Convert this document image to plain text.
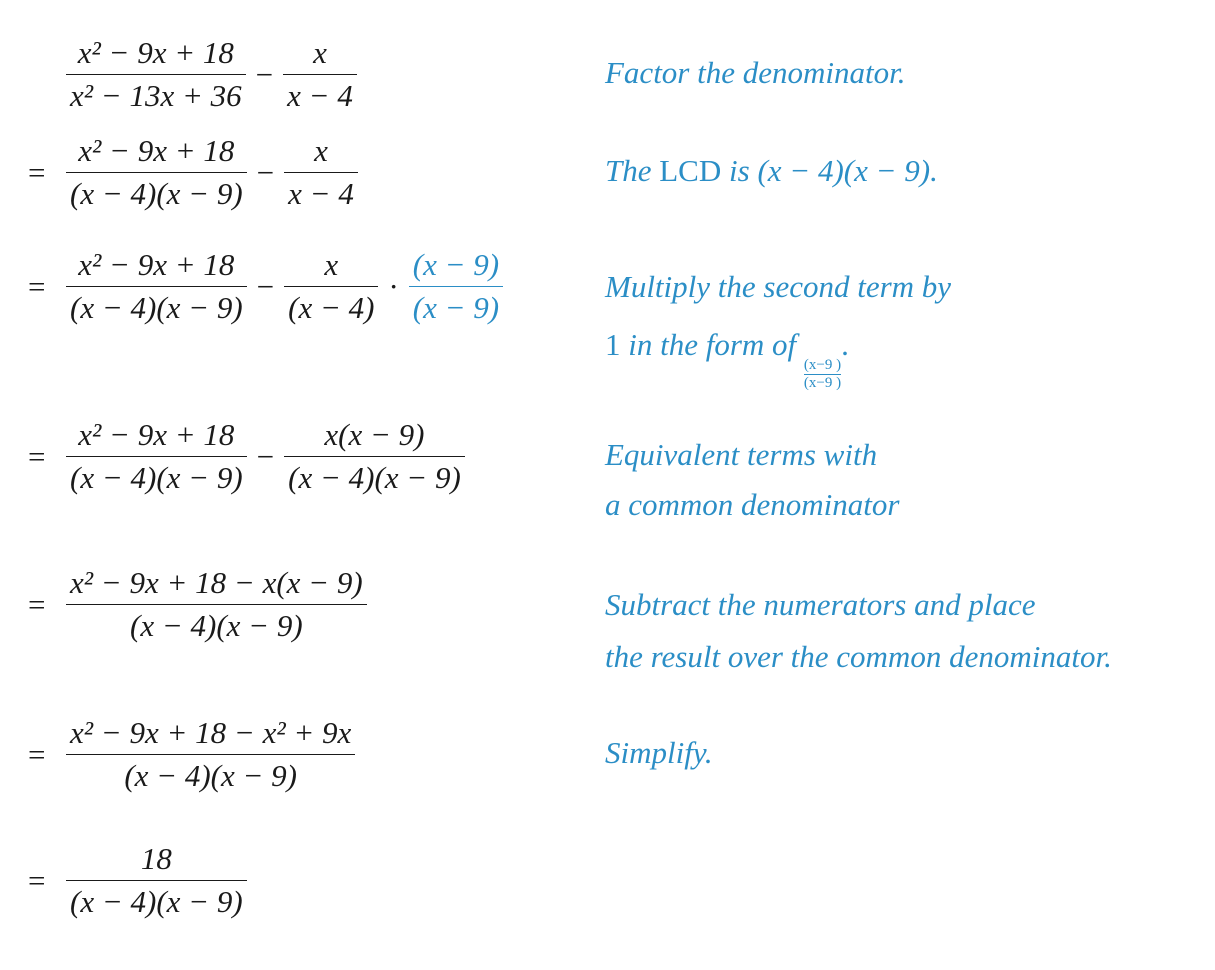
$\frac{\text{x² − 9x + 18}}{\text{x² − 13x + 36}} - \frac{x}{x - 4}$
= $\frac{\text{x² − 9x + 18}}{(x - 4)(x - 9)} - \frac{x}{x - 4}$
= $\frac{\text{x² − 9x + 18}}{(x - 4)(x - 9)} - \frac{x}{(x - 4)} \cdot \frac{(x - 9)}{(x - 9)}$
= $\frac{\text{x² − 9x + 18}}{(x - 4)(x - 9)} - \frac{x(x - 9)}{(x - 4)(x - 9)}$
= $\frac{\text{x² − 9x + 18 − x(x − 9)}}{(x - 4)(x - 9)}$
= $\frac{\text{x² − 9x + 18 − x² + 9x}}{(x - 4)(x - 9)}$
= $\frac{18}{(x - 4)(x - 9)}$
Factor the denominator.
The LCD is (x − 4)(x − 9).
Multiply the second term by
1 in the form of
$\frac{(x-9 )}{(x-9 )}$
.
Equivalent terms with
a common denominator
Subtract the numerators and place
the result over the common denominator.
Simplify.
